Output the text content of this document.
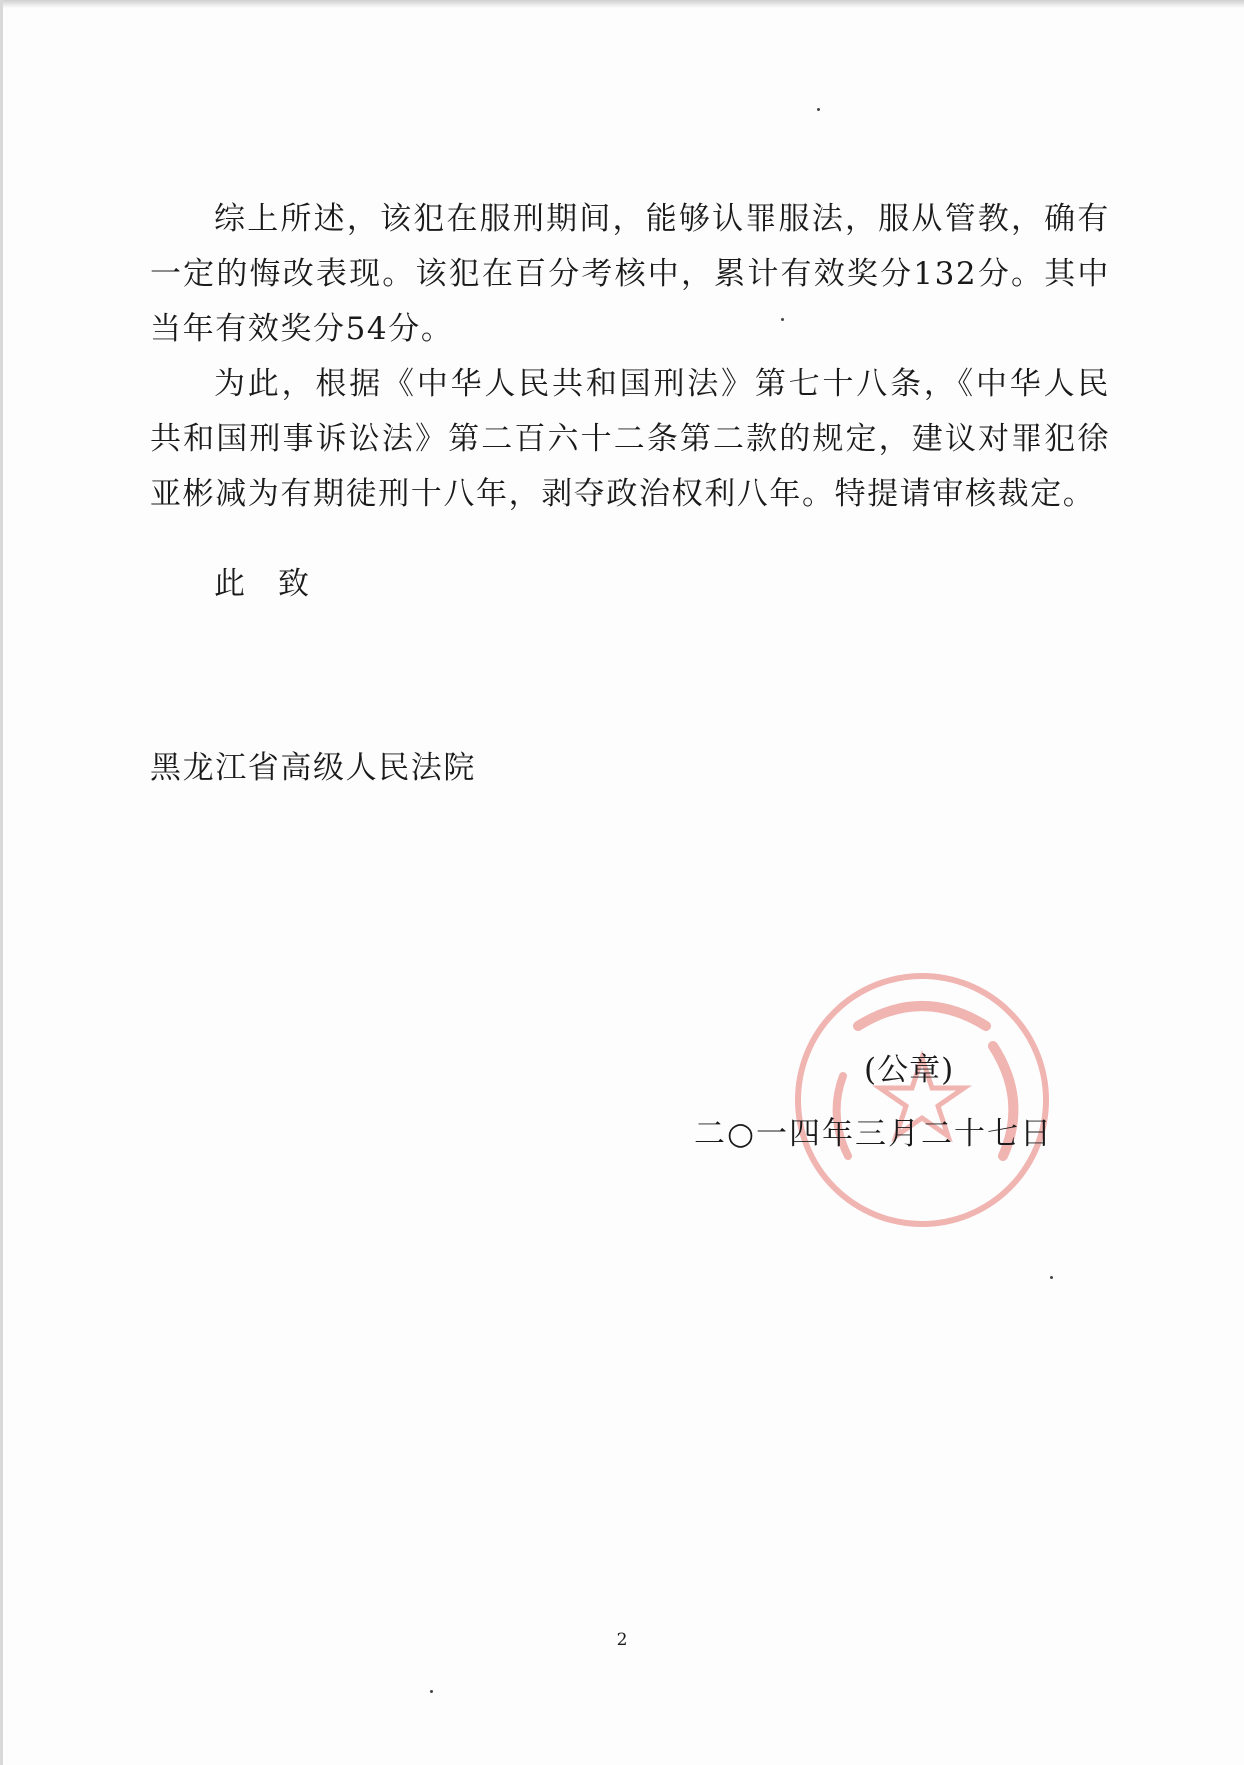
综上所述，该犯在服刑期间，能够认罪服法，服从管教，确有一定的悔改表现。该犯在百分考核中，累计有效奖分132分。其中当年有效奖分54分。

为此，根据《中华人民共和国刑法》第七十八条，《中华人民共和国刑事诉讼法》第二百六十二条第二款的规定，建议对罪犯徐亚彬减为有期徒刑十八年，剥夺政治权利八年。特提请审核裁定。

此　致
黑龙江省高级人民法院
(公章)
二○一四年三月二十七日
2
